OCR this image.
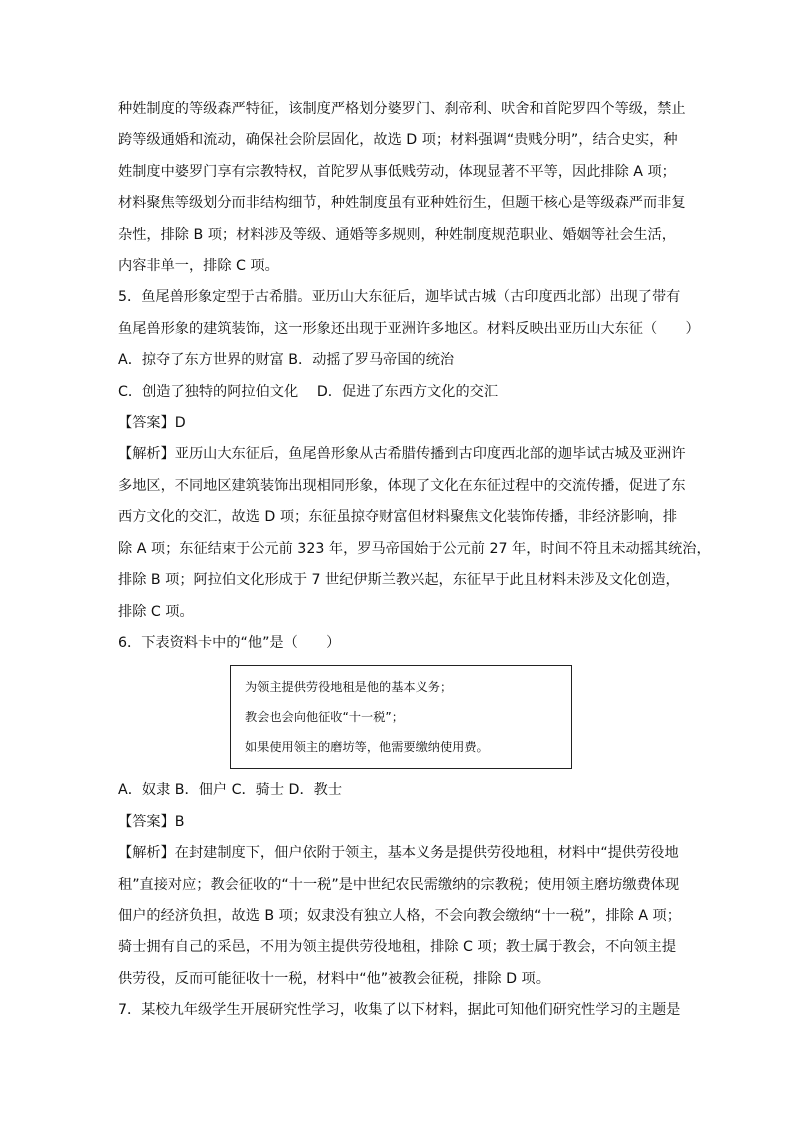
种姓制度的等级森严特征，该制度严格划分婆罗门、刹帝利、吠舍和首陀罗四个等级，禁止
跨等级通婚和流动，确保社会阶层固化，故选 D 项；材料强调“贵贱分明”，结合史实，种
姓制度中婆罗门享有宗教特权，首陀罗从事低贱劳动，体现显著不平等，因此排除 A 项；
材料聚焦等级划分而非结构细节，种姓制度虽有亚种姓衍生，但题干核心是等级森严而非复
杂性，排除 B 项；材料涉及等级、通婚等多规则，种姓制度规范职业、婚姻等社会生活，
内容非单一，排除 C 项。
5．鱼尾兽形象定型于古希腊。亚历山大东征后，迦毕试古城（古印度西北部）出现了带有
鱼尾兽形象的建筑装饰，这一形象还出现于亚洲许多地区。材料反映出亚历山大东征（　　）
A．掠夺了东方世界的财富 B．动摇了罗马帝国的统治
C．创造了独特的阿拉伯文化　 D．促进了东西方文化的交汇
【答案】D
【解析】亚历山大东征后，鱼尾兽形象从古希腊传播到古印度西北部的迦毕试古城及亚洲许
多地区，不同地区建筑装饰出现相同形象，体现了文化在东征过程中的交流传播，促进了东
西方文化的交汇，故选 D 项；东征虽掠夺财富但材料聚焦文化装饰传播，非经济影响，排
除 A 项；东征结束于公元前 323 年，罗马帝国始于公元前 27 年，时间不符且未动摇其统治，
排除 B 项；阿拉伯文化形成于 7 世纪伊斯兰教兴起，东征早于此且材料未涉及文化创造，
排除 C 项。
6．下表资料卡中的“他”是（　　）
为领主提供劳役地租是他的基本义务；
教会也会向他征收“十一税”；
如果使用领主的磨坊等，他需要缴纳使用费。
A．奴隶 B．佃户 C．骑士 D．教士
【答案】B
【解析】在封建制度下，佃户依附于领主，基本义务是提供劳役地租，材料中“提供劳役地
租”直接对应；教会征收的“十一税”是中世纪农民需缴纳的宗教税；使用领主磨坊缴费体现
佃户的经济负担，故选 B 项；奴隶没有独立人格，不会向教会缴纳“十一税”，排除 A 项；
骑士拥有自己的采邑，不用为领主提供劳役地租，排除 C 项；教士属于教会，不向领主提
供劳役，反而可能征收十一税，材料中“他”被教会征税，排除 D 项。
7．某校九年级学生开展研究性学习，收集了以下材料，据此可知他们研究性学习的主题是
